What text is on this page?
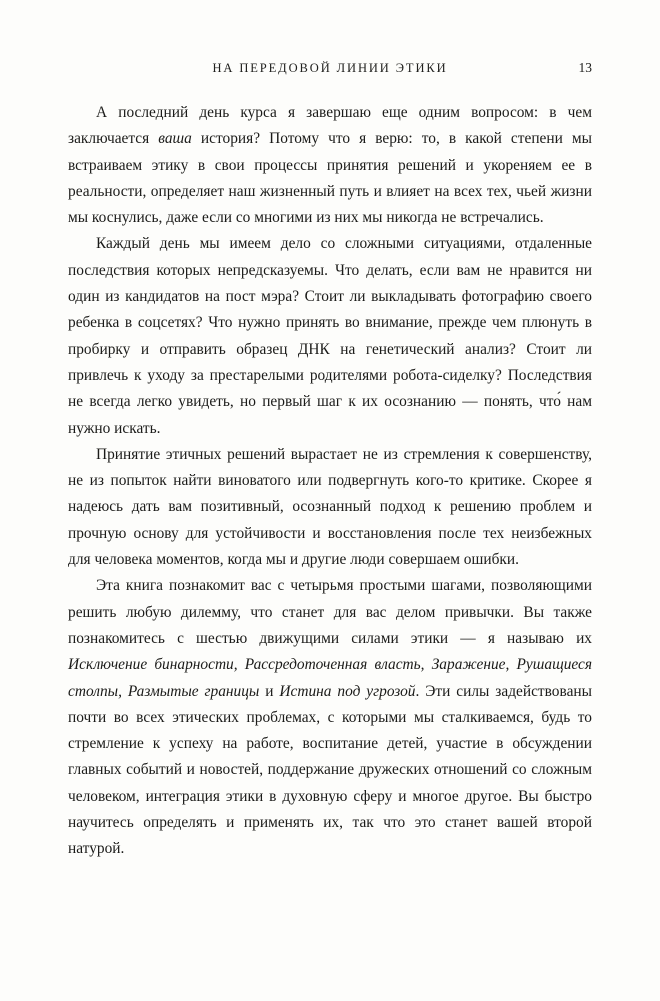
НА ПЕРЕДОВОЙ ЛИНИИ ЭТИКИ	13

А последний день курса я завершаю еще одним вопросом: в чем заключается ваша история? Потому что я верю: то, в какой степени мы встраиваем этику в свои процессы принятия решений и укореняем ее в реальности, определяет наш жизненный путь и влияет на всех тех, чьей жизни мы коснулись, даже если со многими из них мы никогда не встречались.

Каждый день мы имеем дело со сложными ситуациями, отдаленные последствия которых непредсказуемы. Что делать, если вам не нравится ни один из кандидатов на пост мэра? Стоит ли выкладывать фотографию своего ребенка в соцсетях? Что нужно принять во внимание, прежде чем плюнуть в пробирку и отправить образец ДНК на генетический анализ? Стоит ли привлечь к уходу за престарелыми родителями робота-сиделку? Последствия не всегда легко увидеть, но первый шаг к их осознанию — понять, что́ нам нужно искать.

Принятие этичных решений вырастает не из стремления к совершенству, не из попыток найти виноватого или подвергнуть кого-то критике. Скорее я надеюсь дать вам позитивный, осознанный подход к решению проблем и прочную основу для устойчивости и восстановления после тех неизбежных для человека моментов, когда мы и другие люди совершаем ошибки.

Эта книга познакомит вас с четырьмя простыми шагами, позволяющими решить любую дилемму, что станет для вас делом привычки. Вы также познакомитесь с шестью движущими силами этики — я называю их Исключение бинарности, Рассредоточенная власть, Заражение, Рушащиеся столпы, Размытые границы и Истина под угрозой. Эти силы задействованы почти во всех этических проблемах, с которыми мы сталкиваемся, будь то стремление к успеху на работе, воспитание детей, участие в обсуждении главных событий и новостей, поддержание дружеских отношений со сложным человеком, интеграция этики в духовную сферу и многое другое. Вы быстро научитесь определять и применять их, так что это станет вашей второй натурой.
